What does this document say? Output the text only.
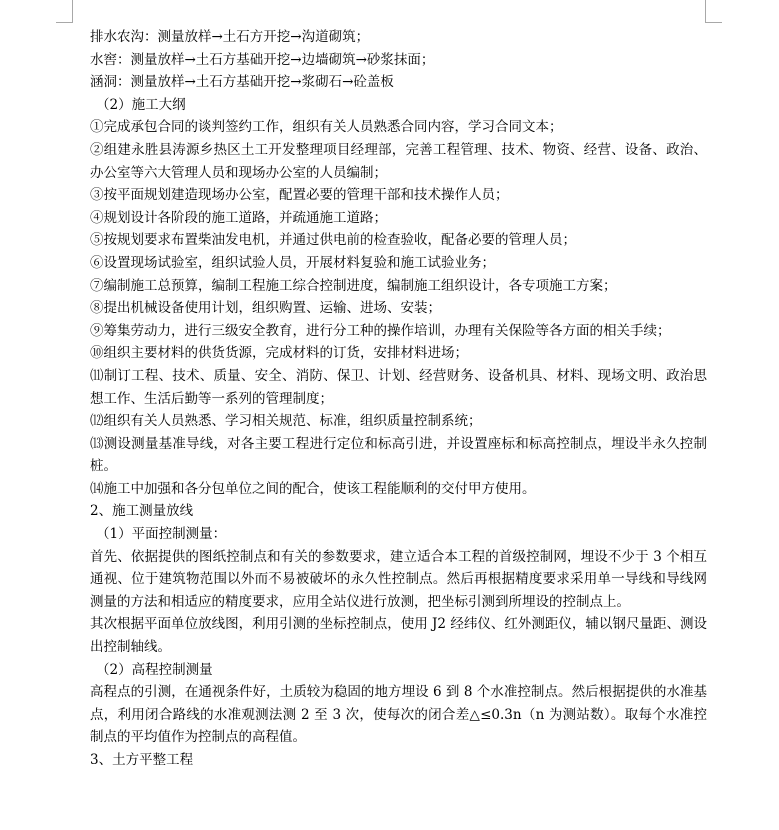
排水农沟：测量放样→土石方开挖→沟道砌筑；
水窖：测量放样→土石方基础开挖→边墙砌筑→砂浆抹面；
涵洞：测量放样→土石方基础开挖→浆砌石→砼盖板
（2）施工大纲
①完成承包合同的谈判签约工作，组织有关人员熟悉合同内容，学习合同文本；
②组建永胜县涛源乡热区土工开发整理项目经理部，完善工程管理、技术、物资、经营、设备、政治、办公室等六大管理人员和现场办公室的人员编制；
③按平面规划建造现场办公室，配置必要的管理干部和技术操作人员；
④规划设计各阶段的施工道路，并疏通施工道路；
⑤按规划要求布置柴油发电机，并通过供电前的检查验收，配备必要的管理人员；
⑥设置现场试验室，组织试验人员，开展材料复验和施工试验业务；
⑦编制施工总预算，编制工程施工综合控制进度，编制施工组织设计，各专项施工方案；
⑧提出机械设备使用计划，组织购置、运输、进场、安装；
⑨筹集劳动力，进行三级安全教育，进行分工种的操作培训，办理有关保险等各方面的相关手续；
⑩组织主要材料的供货货源，完成材料的订货，安排材料进场；
⑾制订工程、技术、质量、安全、消防、保卫、计划、经营财务、设备机具、材料、现场文明、政治思想工作、生活后勤等一系列的管理制度；
⑿组织有关人员熟悉、学习相关规范、标准，组织质量控制系统；
⒀测设测量基准导线，对各主要工程进行定位和标高引进，并设置座标和标高控制点，埋设半永久控制桩。
⒁施工中加强和各分包单位之间的配合，使该工程能顺利的交付甲方使用。
2、施工测量放线
（1）平面控制测量：
首先、依据提供的图纸控制点和有关的参数要求，建立适合本工程的首级控制网，埋设不少于 3 个相互通视、位于建筑物范围以外而不易被破坏的永久性控制点。然后再根据精度要求采用单一导线和导线网测量的方法和相适应的精度要求，应用全站仪进行放测，把坐标引测到所埋设的控制点上。
其次根据平面单位放线图，利用引测的坐标控制点，使用 J2 经纬仪、红外测距仪，辅以钢尺量距、测设出控制轴线。
（2）高程控制测量
高程点的引测，在通视条件好，土质较为稳固的地方埋设 6 到 8 个水准控制点。然后根据提供的水准基点，利用闭合路线的水准观测法测 2 至 3 次，使每次的闭合差△≤0.3n（n 为测站数）。取每个水准控制点的平均值作为控制点的高程值。
3、土方平整工程
